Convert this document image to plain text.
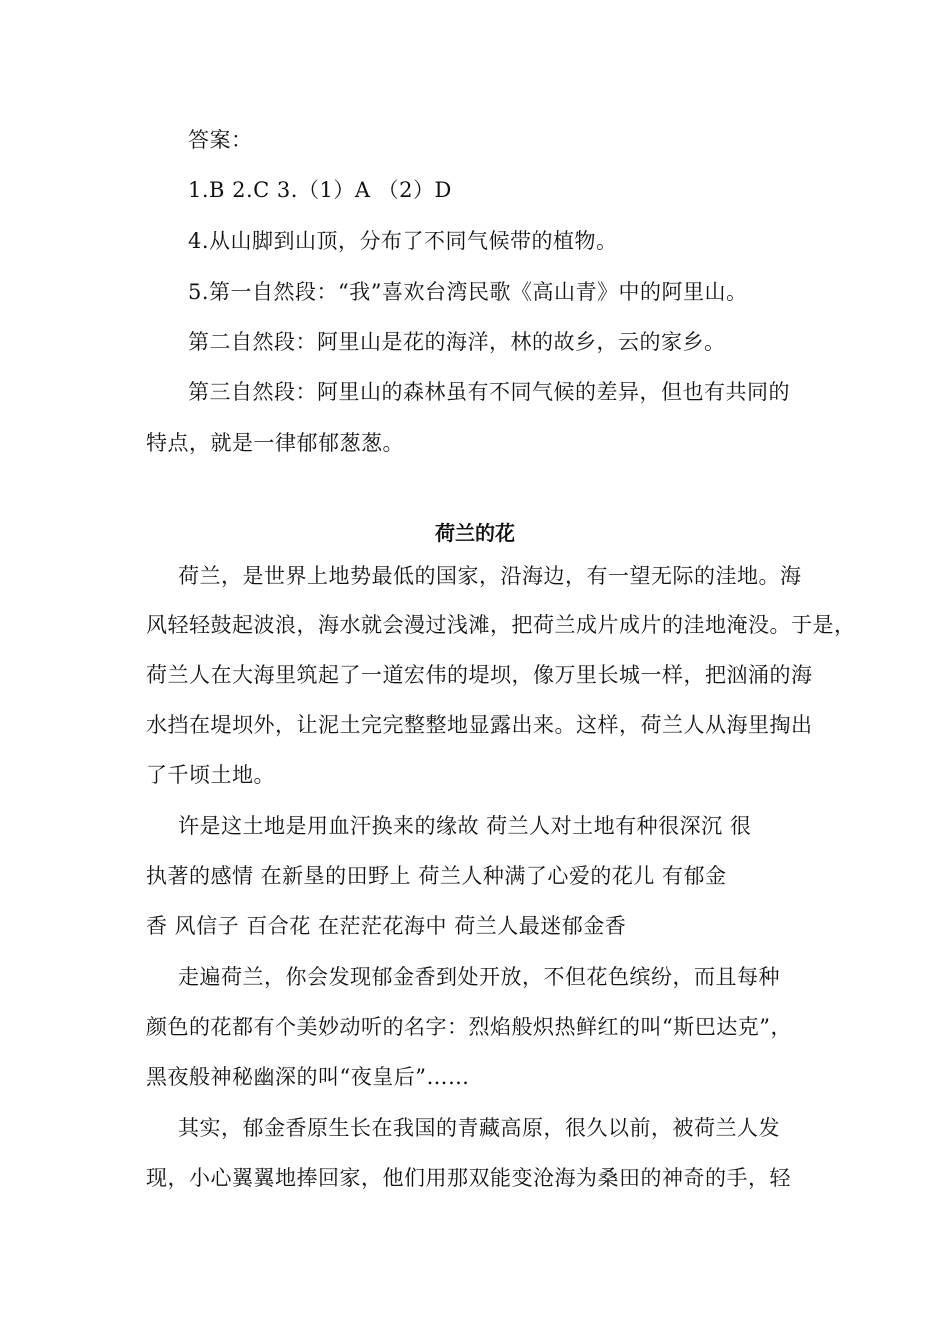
答案：
1.B 2.C 3.（1）A （2）D
4.从山脚到山顶，分布了不同气候带的植物。
5.第一自然段：“我”喜欢台湾民歌《高山青》中的阿里山。
第二自然段：阿里山是花的海洋，林的故乡，云的家乡。
第三自然段：阿里山的森林虽有不同气候的差异，但也有共同的
特点，就是一律郁郁葱葱。
荷兰的花
荷兰，是世界上地势最低的国家，沿海边，有一望无际的洼地。海
风轻轻鼓起波浪，海水就会漫过浅滩，把荷兰成片成片的洼地淹没。于是，
荷兰人在大海里筑起了一道宏伟的堤坝，像万里长城一样，把汹涌的海
水挡在堤坝外，让泥土完完整整地显露出来。这样，荷兰人从海里掏出
了千顷土地。
许是这土地是用血汗换来的缘故 荷兰人对土地有种很深沉 很
执著的感情 在新垦的田野上 荷兰人种满了心爱的花儿 有郁金
香 风信子 百合花 在茫茫花海中 荷兰人最迷郁金香
走遍荷兰，你会发现郁金香到处开放，不但花色缤纷，而且每种
颜色的花都有个美妙动听的名字：烈焰般炽热鲜红的叫“斯巴达克”，
黑夜般神秘幽深的叫“夜皇后”……
其实，郁金香原生长在我国的青藏高原，很久以前，被荷兰人发
现，小心翼翼地捧回家，他们用那双能变沧海为桑田的神奇的手，轻
